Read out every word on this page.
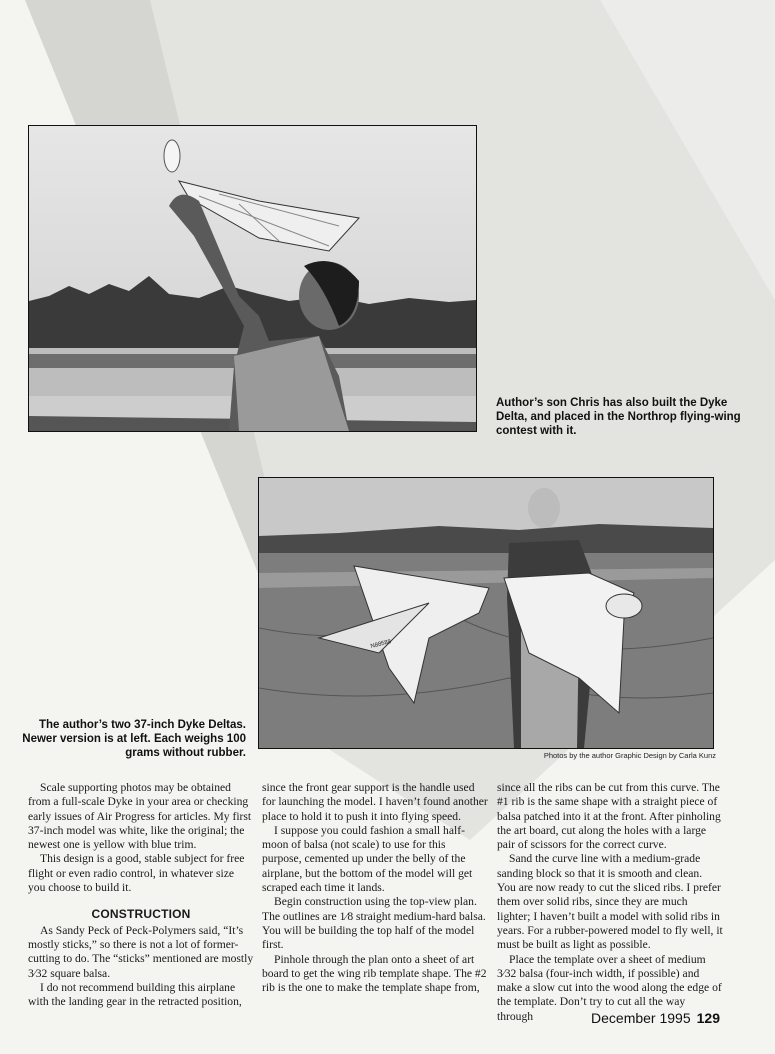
Author’s son Chris has also built the Dyke Delta, and placed in the Northrop flying-wing contest with it.
N88588
The author’s two 37-inch Dyke Deltas. Newer version is at left. Each weighs 100 grams without rubber.	Photos by the author Graphic Design by Carla Kunz

Scale supporting photos may be obtained from a full-scale Dyke in your area or checking early issues of Air Progress for articles. My first 37-inch model was white, like the original; the newest one is yellow with blue trim.

This design is a good, stable subject for free flight or even radio control, in whatever size you choose to build it.

CONSTRUCTION

As Sandy Peck of Peck-Polymers said, “It’s mostly sticks,” so there is not a lot of former-cutting to do. The “sticks” mentioned are mostly 3⁄32 square balsa.

I do not recommend building this airplane with the landing gear in the retracted position,

since the front gear support is the handle used for launching the model. I haven’t found another place to hold it to push it into flying speed.

I suppose you could fashion a small half-moon of balsa (not scale) to use for this purpose, cemented up under the belly of the airplane, but the bottom of the model will get scraped each time it lands.

Begin construction using the top-view plan. The outlines are 1⁄8 straight medium-hard balsa. You will be building the top half of the model first.

Pinhole through the plan onto a sheet of art board to get the wing rib template shape. The #2 rib is the one to make the template shape from,

since all the ribs can be cut from this curve. The #1 rib is the same shape with a straight piece of balsa patched into it at the front. After pinholing the art board, cut along the holes with a large pair of scissors for the correct curve.

Sand the curve line with a medium-grade sanding block so that it is smooth and clean. You are now ready to cut the sliced ribs. I prefer them over solid ribs, since they are much lighter; I haven’t built a model with solid ribs in years. For a rubber-powered model to fly well, it must be built as light as possible.

Place the template over a sheet of medium 3⁄32 balsa (four-inch width, if possible) and make a slow cut into the wood along the edge of the template. Don’t try to cut all the way through	December 1995 129
